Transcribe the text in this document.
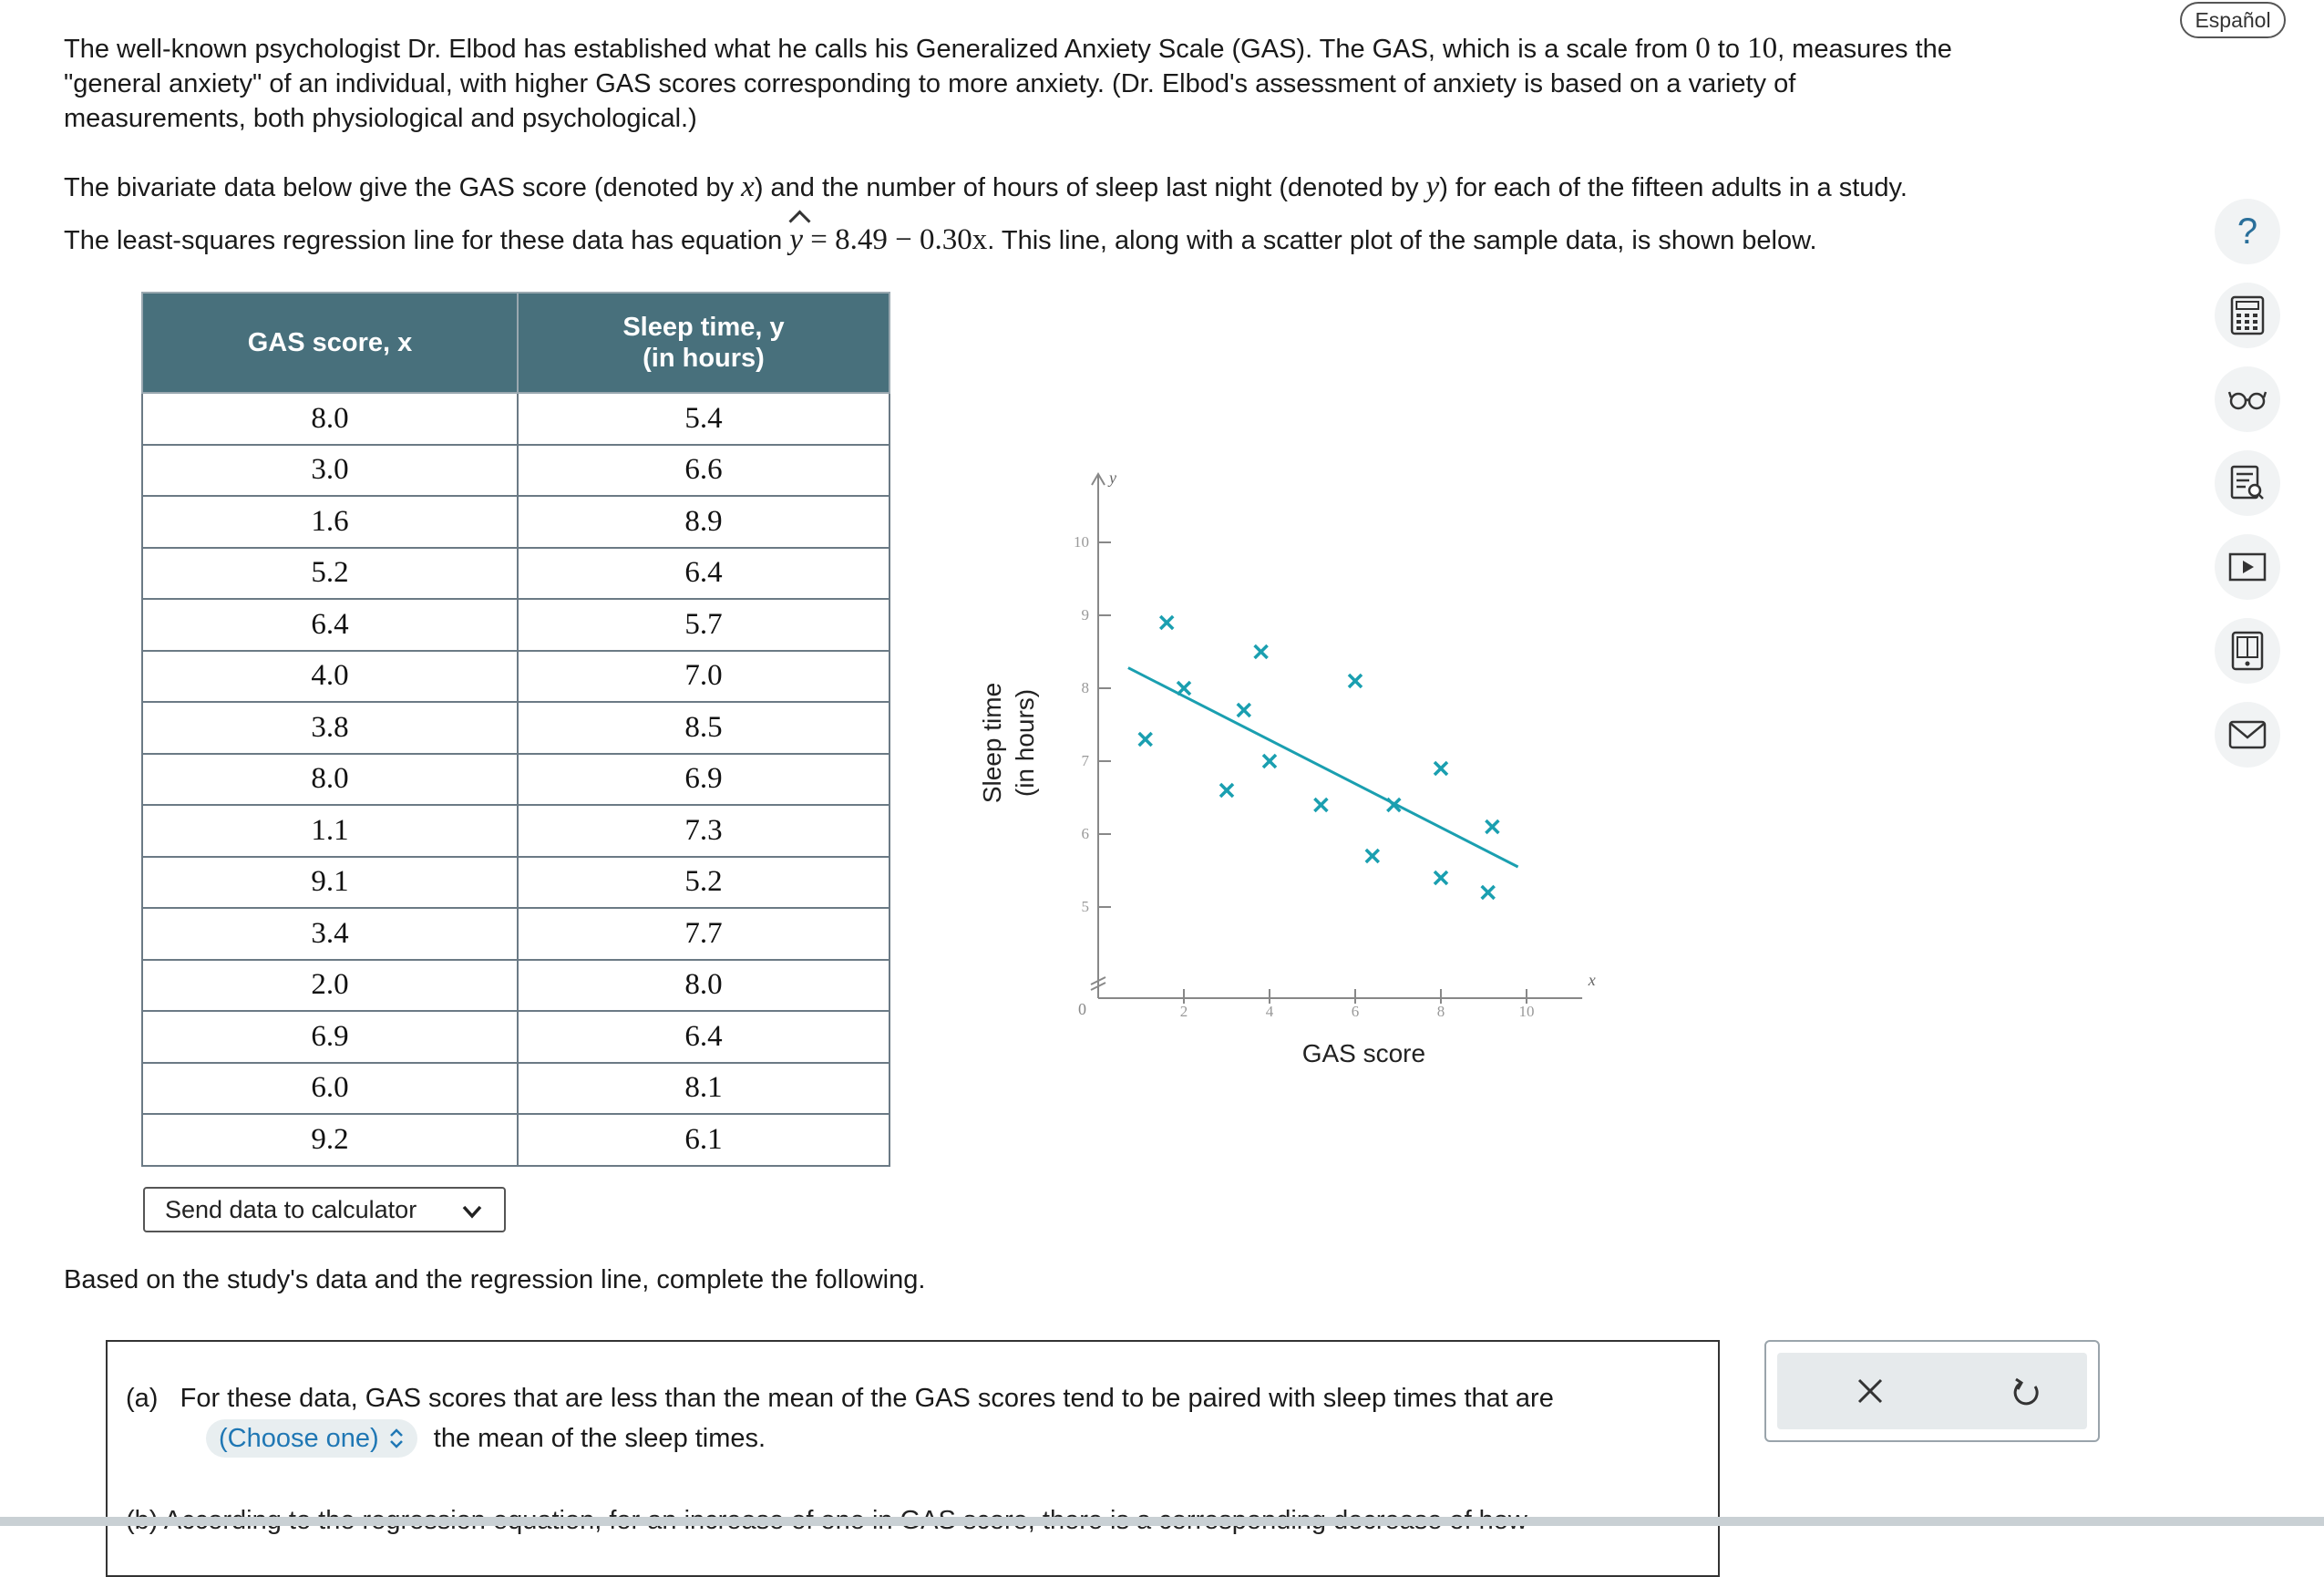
Español

The well-known psychologist Dr. Elbod has established what he calls his Generalized Anxiety Scale (GAS). The GAS, which is a scale from 0 to 10, measures the
"general anxiety" of an individual, with higher GAS scores corresponding to more anxiety. (Dr. Elbod's assessment of anxiety is based on a variety of
measurements, both physiological and psychological.)

The bivariate data below give the GAS score (denoted by x) and the number of hours of sleep last night (denoted by y) for each of the fifteen adults in a study.

The least-squares regression line for these data has equation y = 8.49 − 0.30x. This line, along with a scatter plot of the sample data, is shown below.

GAS score, x	Sleep time, y
(in hours)
8.0	5.4
3.0	6.6
1.6	8.9
5.2	6.4
6.4	5.7
4.0	7.0
3.8	8.5
8.0	6.9
1.1	7.3
9.1	5.2
3.4	7.7
2.0	8.0
6.9	6.4
6.0	8.1
9.2	6.1
Send data to calculator
x
y
0
5
6
7
8
9
10
2	4	6	8	10
GAS score
Sleep time (in hours)
?

Based on the study's data and the regression line, complete the following.

(a) For these data, GAS scores that are less than the mean of the GAS scores tend to be paired with sleep times that are

(Choose one) the mean of the sleep times.
